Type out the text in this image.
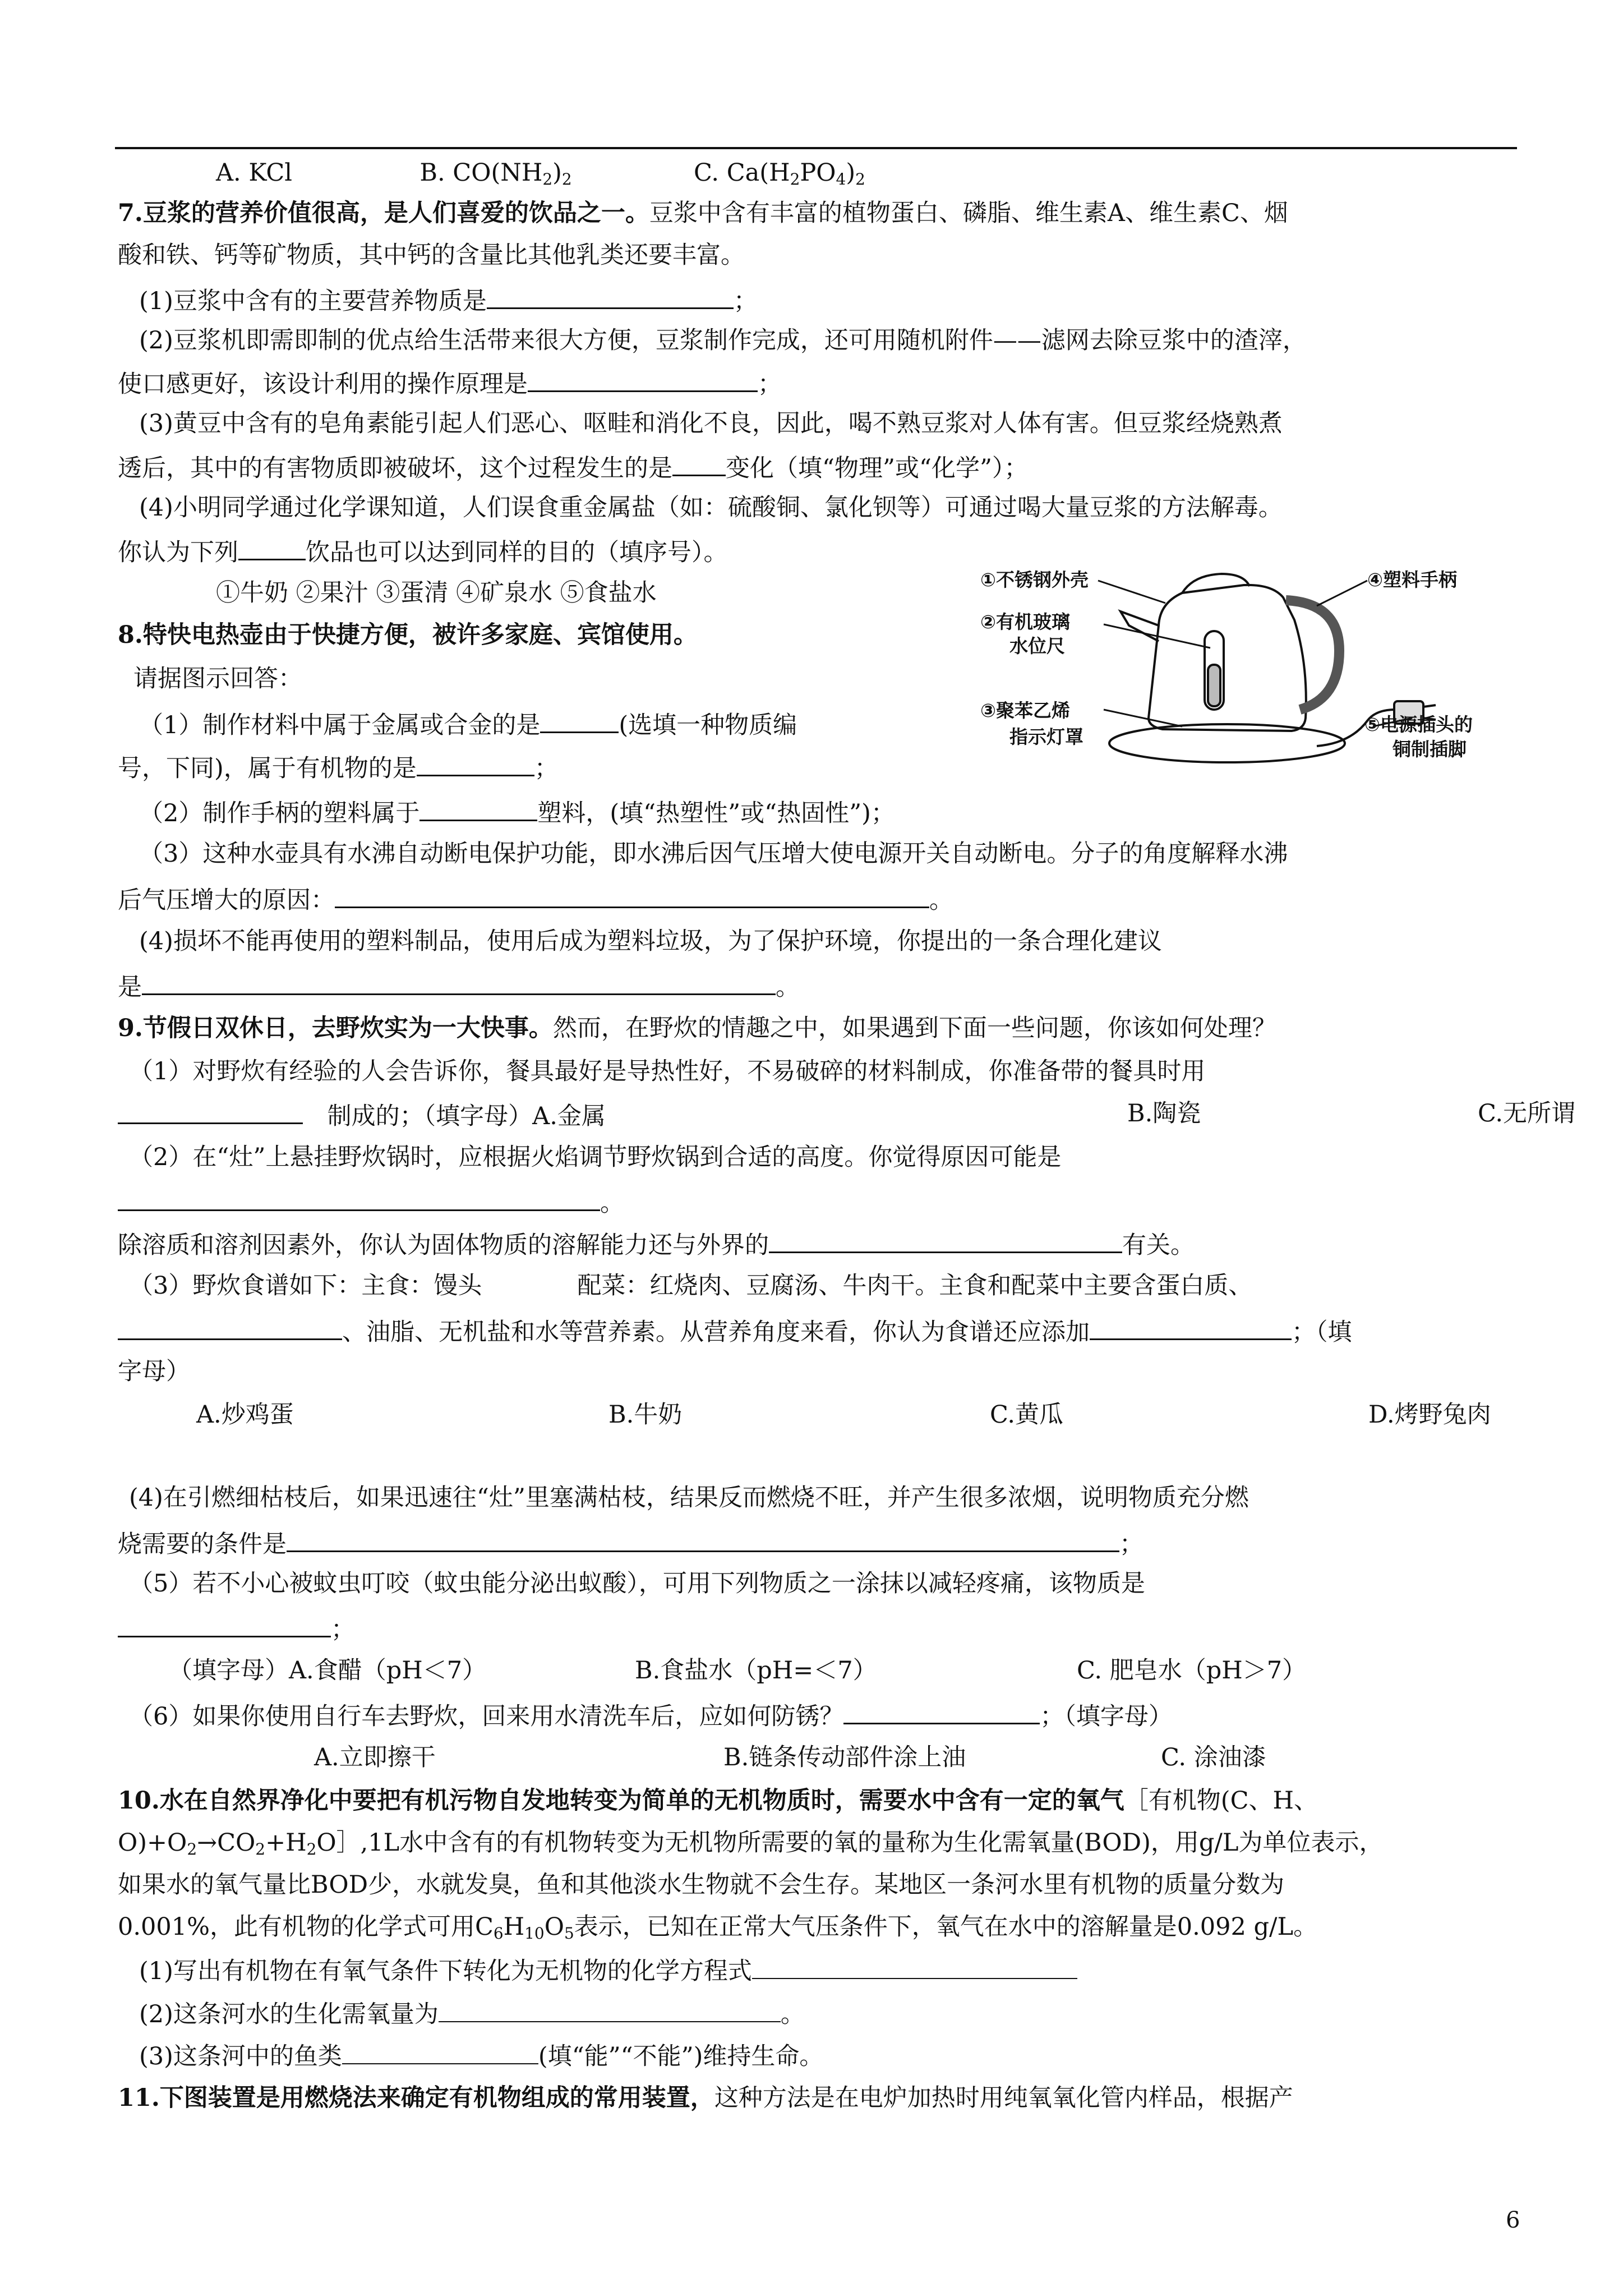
A. KCl	B. $CO(NH_2)_2$	C. $Ca(H_2PO_4)_2$
7.豆浆的营养价值很高，是人们喜爱的饮品之一。豆浆中含有丰富的植物蛋白、磷脂、维生素A、维生素C、烟
酸和铁、钙等矿物质，其中钙的含量比其他乳类还要丰富。
(1)豆浆中含有的主要营养物质是	；
(2)豆浆机即需即制的优点给生活带来很大方便，豆浆制作完成，还可用随机附件——滤网去除豆浆中的渣滓，
使口感更好，该设计利用的操作原理是	；
(3)黄豆中含有的皂角素能引起人们恶心、呕畦和消化不良，因此，喝不熟豆浆对人体有害。但豆浆经烧熟煮
透后，其中的有害物质即被破坏，这个过程发生的是 变化（填“物理”或“化学”）；
(4)小明同学通过化学课知道，人们误食重金属盐（如：硫酸铜、氯化钡等）可通过喝大量豆浆的方法解毒。
你认为下列	饮品也可以达到同样的目的（填序号）。
①牛奶 ②果汁 ③蛋清 ④矿泉水 ⑤食盐水
8.特快电热壶由于快捷方便，被许多家庭、宾馆使用。
请据图示回答：
（1）制作材料中属于金属或合金的是	(选填一种物质编
号，下同)，属于有机物的是	；
（2）制作手柄的塑料属于	塑料，(填“热塑性”或“热固性”)；
（3）这种水壶具有水沸自动断电保护功能，即水沸后因气压增大使电源开关自动断电。分子的角度解释水沸
后气压增大的原因：	。
(4)损坏不能再使用的塑料制品，使用后成为塑料垃圾，为了保护环境，你提出的一条合理化建议
是	。
①不锈钢外壳
②有机玻璃
水位尺
③聚苯乙烯
指示灯罩
④塑料手柄
⑤电源插头的
铜制插脚
9.节假日双休日，去野炊实为一大快事。然而，在野炊的情趣之中，如果遇到下面一些问题，你该如何处理？
（1）对野炊有经验的人会告诉你，餐具最好是导热性好，不易破碎的材料制成，你准备带的餐具时用
制成的；（填字母）A.金属	B.陶瓷	C.无所谓
（2）在“灶”上悬挂野炊锅时，应根据火焰调节野炊锅到合适的高度。你觉得原因可能是
。
除溶质和溶剂因素外，你认为固体物质的溶解能力还与外界的	有关。
（3）野炊食谱如下：主食：馒头	配菜：红烧肉、豆腐汤、牛肉干。主食和配菜中主要含蛋白质、
、油脂、无机盐和水等营养素。从营养角度来看，你认为食谱还应添加	；（填
字母）
A.炒鸡蛋	B.牛奶	C.黄瓜	D.烤野兔肉
(4)在引燃细枯枝后，如果迅速往“灶”里塞满枯枝，结果反而燃烧不旺，并产生很多浓烟，说明物质充分燃
烧需要的条件是	；
（5）若不小心被蚊虫叮咬（蚊虫能分泌出蚁酸），可用下列物质之一涂抹以减轻疼痛，该物质是
；
（填字母）A.食醋（pH＜7）	B.食盐水（pH=＜7）	C. 肥皂水（pH＞7）
（6）如果你使用自行车去野炊，回来用水清洗车后，应如何防锈？	；（填字母）
A.立即擦干	B.链条传动部件涂上油	C. 涂油漆
10.水在自然界净化中要把有机污物自发地转变为简单的无机物质时，需要水中含有一定的氧气［有机物(C、H、
$O)+O_2\to CO_2+H_2O],1L$水中含有的有机物转变为无机物所需要的氧的量称为生化需氧量(BOD)，用g/L为单位表示，
如果水的氧气量比BOD少，水就发臭，鱼和其他淡水生物就不会生存。某地区一条河水里有机物的质量分数为
0.001%，此有机物的化学式可用$C_6H_{10}O_5$表示，已知在正常大气压条件下，氧气在水中的溶解量是0.092 g/L。
(1)写出有机物在有氧气条件下转化为无机物的化学方程式
(2)这条河水的生化需氧量为	。
(3)这条河中的鱼类	(填“能”“不能”)维持生命。
11.下图装置是用燃烧法来确定有机物组成的常用装置，这种方法是在电炉加热时用纯氧氧化管内样品，根据产
6
